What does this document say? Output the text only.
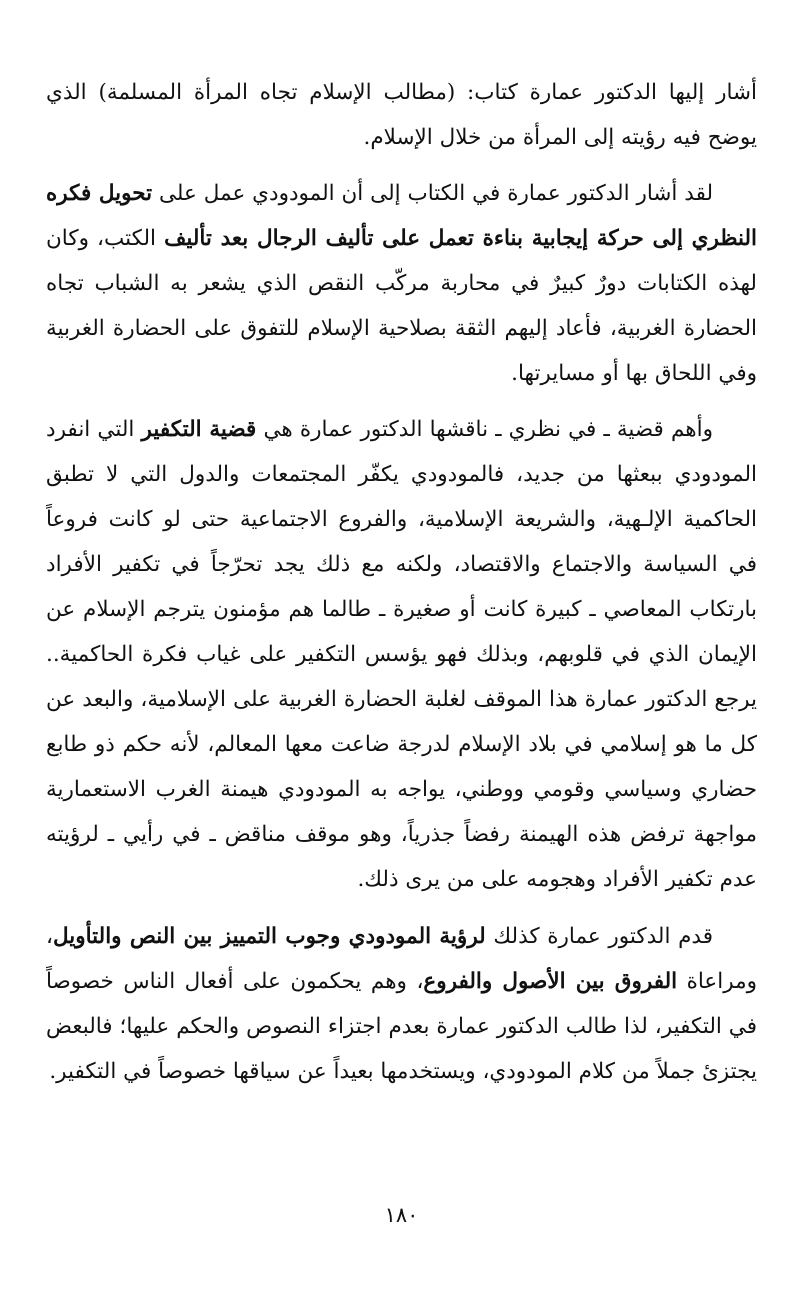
أشار إليها الدكتور عمارة كتاب: (مطالب الإسلام تجاه المرأة المسلمة) الذي يوضح فيه رؤيته إلى المرأة من خلال الإسلام.

لقد أشار الدكتور عمارة في الكتاب إلى أن المودودي عمل على تحويل فكره النظري إلى حركة إيجابية بناءة تعمل على تأليف الرجال بعد تأليف الكتب، وكان لهذه الكتابات دورٌ كبيرٌ في محاربة مركّب النقص الذي يشعر به الشباب تجاه الحضارة الغربية، فأعاد إليهم الثقة بصلاحية الإسلام للتفوق على الحضارة الغربية وفي اللحاق بها أو مسايرتها.

وأهم قضية ـ في نظري ـ ناقشها الدكتور عمارة هي قضية التكفير التي انفرد المودودي ببعثها من جديد، فالمودودي يكفّر المجتمعات والدول التي لا تطبق الحاكمية الإلـهية، والشريعة الإسلامية، والفروع الاجتماعية حتى لو كانت فروعاً في السياسة والاجتماع والاقتصاد، ولكنه مع ذلك يجد تحرّجاً في تكفير الأفراد بارتكاب المعاصي ـ كبيرة كانت أو صغيرة ـ طالما هم مؤمنون يترجم الإسلام عن الإيمان الذي في قلوبهم، وبذلك فهو يؤسس التكفير على غياب فكرة الحاكمية.. يرجع الدكتور عمارة هذا الموقف لغلبة الحضارة الغربية على الإسلامية، والبعد عن كل ما هو إسلامي في بلاد الإسلام لدرجة ضاعت معها المعالم، لأنه حكم ذو طابع حضاري وسياسي وقومي ووطني، يواجه به المودودي هيمنة الغرب الاستعمارية مواجهة ترفض هذه الهيمنة رفضاً جذرياً، وهو موقف مناقض ـ في رأيي ـ لرؤيته عدم تكفير الأفراد وهجومه على من يرى ذلك.

قدم الدكتور عمارة كذلك لرؤية المودودي وجوب التمييز بين النص والتأويل، ومراعاة الفروق بين الأصول والفروع، وهم يحكمون على أفعال الناس خصوصاً في التكفير، لذا طالب الدكتور عمارة بعدم اجتزاء النصوص والحكم عليها؛ فالبعض يجتزئ جملاً من كلام المودودي، ويستخدمها بعيداً عن سياقها خصوصاً في التكفير.

١٨٠
